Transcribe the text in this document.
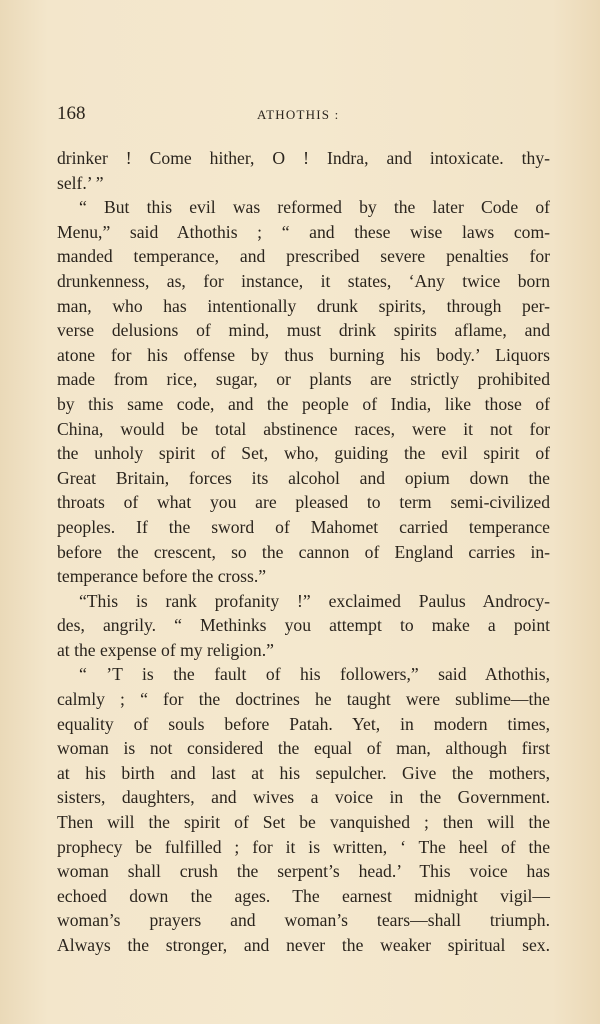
168	ATHOTHIS :
drinker ! Come hither, O ! Indra, and intoxicate. thy-
self.’ ”
“ But this evil was reformed by the later Code of
Menu,” said Athothis ; “ and these wise laws com-
manded temperance, and prescribed severe penalties for
drunkenness, as, for instance, it states, ‘Any twice born
man, who has intentionally drunk spirits, through per-
verse delusions of mind, must drink spirits aflame, and
atone for his offense by thus burning his body.’ Liquors
made from rice, sugar, or plants are strictly prohibited
by this same code, and the people of India, like those of
China, would be total abstinence races, were it not for
the unholy spirit of Set, who, guiding the evil spirit of
Great Britain, forces its alcohol and opium down the
throats of what you are pleased to term semi-civilized
peoples. If the sword of Mahomet carried temperance
before the crescent, so the cannon of England carries in-
temperance before the cross.”
“This is rank profanity !” exclaimed Paulus Androcy-
des, angrily. “ Methinks you attempt to make a point
at the expense of my religion.”
“ ’T is the fault of his followers,” said Athothis,
calmly ; “ for the doctrines he taught were sublime—the
equality of souls before Patah. Yet, in modern times,
woman is not considered the equal of man, although first
at his birth and last at his sepulcher. Give the mothers,
sisters, daughters, and wives a voice in the Government.
Then will the spirit of Set be vanquished ; then will the
prophecy be fulfilled ; for it is written, ‘ The heel of the
woman shall crush the serpent’s head.’ This voice has
echoed down the ages. The earnest midnight vigil—
woman’s prayers and woman’s tears—shall triumph.
Always the stronger, and never the weaker spiritual sex.
